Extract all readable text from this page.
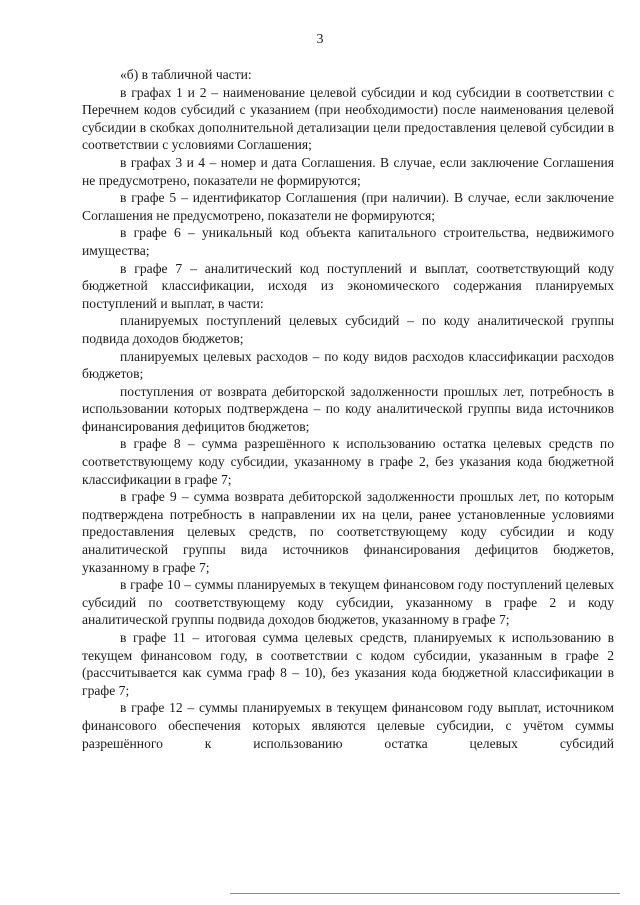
3

«б) в табличной части:

в графах 1 и 2 – наименование целевой субсидии и код субсидии в соответствии с Перечнем кодов субсидий с указанием (при необходимости) после наименования целевой субсидии в скобках дополнительной детализации цели предоставления целевой субсидии в соответствии с условиями Соглашения;

в графах 3 и 4 – номер и дата Соглашения. В случае, если заключение Соглашения не предусмотрено, показатели не формируются;

в графе 5 – идентификатор Соглашения (при наличии). В случае, если заключение Соглашения не предусмотрено, показатели не формируются;

в графе 6 – уникальный код объекта капитального строительства, недвижимого имущества;

в графе 7 – аналитический код поступлений и выплат, соответствующий коду бюджетной классификации, исходя из экономического содержания планируемых поступлений и выплат, в части:

планируемых поступлений целевых субсидий – по коду аналитической группы подвида доходов бюджетов;

планируемых целевых расходов – по коду видов расходов классификации расходов бюджетов;

поступления от возврата дебиторской задолженности прошлых лет, потребность в использовании которых подтверждена – по коду аналитической группы вида источников финансирования дефицитов бюджетов;

в графе 8 – сумма разрешённого к использованию остатка целевых средств по соответствующему коду субсидии, указанному в графе 2, без указания кода бюджетной классификации в графе 7;

в графе 9 – сумма возврата дебиторской задолженности прошлых лет, по которым подтверждена потребность в направлении их на цели, ранее установленные условиями предоставления целевых средств, по соответствующему коду субсидии и коду аналитической группы вида источников финансирования дефицитов бюджетов, указанному в графе 7;

в графе 10 – суммы планируемых в текущем финансовом году поступлений целевых субсидий по соответствующему коду субсидии, указанному в графе 2 и коду аналитической группы подвида доходов бюджетов, указанному в графе 7;

в графе 11 – итоговая сумма целевых средств, планируемых к использованию в текущем финансовом году, в соответствии с кодом субсидии, указанным в графе 2 (рассчитывается как сумма граф 8 – 10), без указания кода бюджетной классификации в графе 7;

в графе 12 – суммы планируемых в текущем финансовом году выплат, источником финансового обеспечения которых являются целевые субсидии, с учётом суммы разрешённого к использованию остатка целевых субсидий
